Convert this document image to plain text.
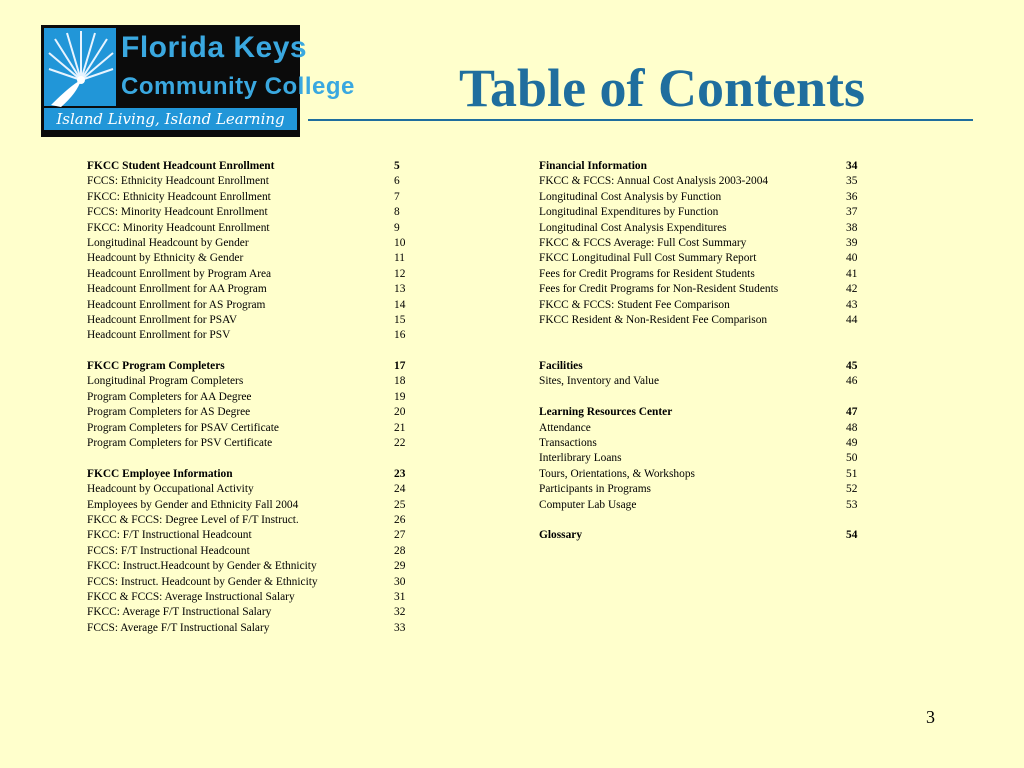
Florida Keys
Community College
Island Living, Island Learning
Table of Contents
FKCC Student Headcount Enrollment	5
FCCS: Ethnicity Headcount Enrollment	6
FKCC: Ethnicity Headcount Enrollment	7
FCCS: Minority Headcount Enrollment	8
FKCC: Minority Headcount Enrollment	9
Longitudinal Headcount by Gender	10
Headcount by Ethnicity & Gender	11
Headcount Enrollment by Program Area	12
Headcount Enrollment for AA Program	13
Headcount Enrollment for AS Program	14
Headcount Enrollment for PSAV	15
Headcount Enrollment for PSV	16
FKCC Program Completers	17
Longitudinal Program Completers	18
Program Completers for AA Degree	19
Program Completers for AS Degree	20
Program Completers for PSAV Certificate	21
Program Completers for PSV Certificate	22
FKCC Employee Information	23
Headcount by Occupational Activity	24
Employees by Gender and Ethnicity Fall 2004	25
FKCC & FCCS: Degree Level of F/T Instruct.	26
FKCC: F/T Instructional Headcount	27
FCCS: F/T Instructional Headcount	28
FKCC: Instruct.Headcount by Gender & Ethnicity	29
FCCS: Instruct. Headcount by Gender & Ethnicity	30
FKCC & FCCS: Average Instructional Salary	31
FKCC: Average F/T Instructional Salary	32
FCCS: Average F/T Instructional Salary	33
Financial Information	34
FKCC & FCCS: Annual Cost Analysis 2003-2004	35
Longitudinal Cost Analysis by Function	36
Longitudinal Expenditures by Function	37
Longitudinal Cost Analysis Expenditures	38
FKCC & FCCS Average: Full Cost Summary	39
FKCC Longitudinal Full Cost Summary Report	40
Fees for Credit Programs for Resident Students	41
Fees for Credit Programs for Non-Resident Students	42
FKCC & FCCS: Student Fee Comparison	43
FKCC Resident & Non-Resident Fee Comparison	44
Facilities	45
Sites, Inventory and Value	46
Learning Resources Center	47
Attendance	48
Transactions	49
Interlibrary Loans	50
Tours, Orientations, & Workshops	51
Participants in Programs	52
Computer Lab Usage	53
Glossary	54
3
